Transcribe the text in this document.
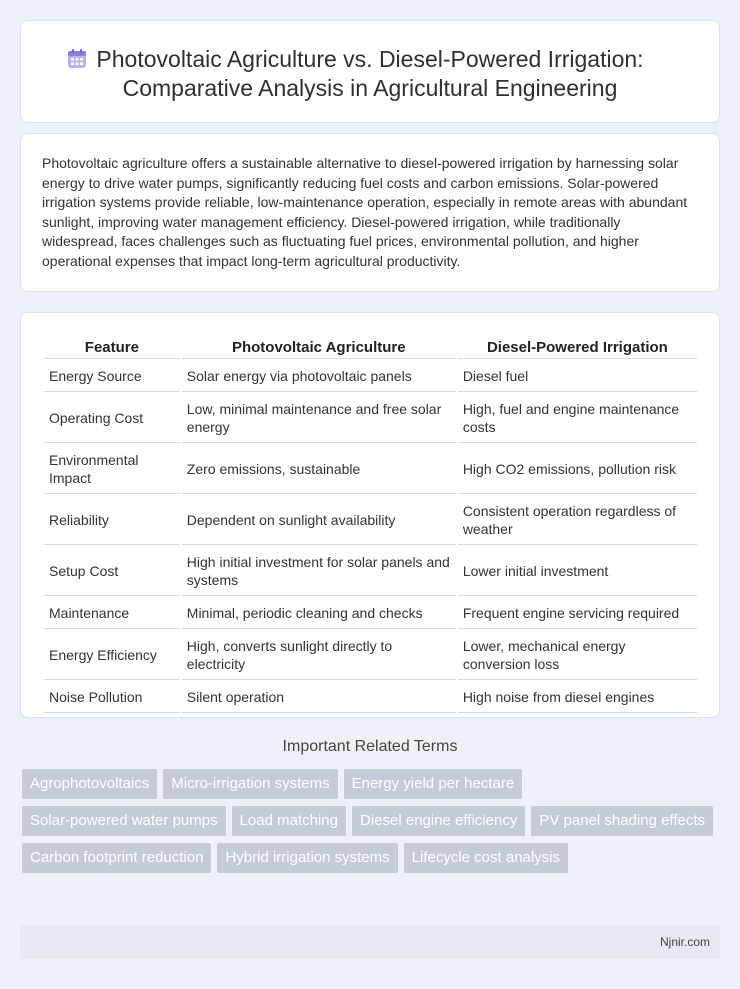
Photovoltaic Agriculture vs. Diesel-Powered Irrigation:
Comparative Analysis in Agricultural Engineering

Photovoltaic agriculture offers a sustainable alternative to diesel-powered irrigation by harnessing solar energy to drive water pumps, significantly reducing fuel costs and carbon emissions. Solar-powered irrigation systems provide reliable, low-maintenance operation, especially in remote areas with abundant sunlight, improving water management efficiency. Diesel-powered irrigation, while traditionally widespread, faces challenges such as fluctuating fuel prices, environmental pollution, and higher operational expenses that impact long-term agricultural productivity.

Feature	Photovoltaic Agriculture	Diesel-Powered Irrigation
Energy Source	Solar energy via photovoltaic panels	Diesel fuel
Operating Cost	Low, minimal maintenance and free solar energy	High, fuel and engine maintenance costs
Environmental Impact	Zero emissions, sustainable	High CO2 emissions, pollution risk
Reliability	Dependent on sunlight availability	Consistent operation regardless of weather
Setup Cost	High initial investment for solar panels and systems	Lower initial investment
Maintenance	Minimal, periodic cleaning and checks	Frequent engine servicing required
Energy Efficiency	High, converts sunlight directly to electricity	Lower, mechanical energy conversion loss
Noise Pollution	Silent operation	High noise from diesel engines
Important Related Terms
Agrophotovoltaics	Micro-irrigation systems	Energy yield per hectare
Solar-powered water pumps	Load matching	Diesel engine efficiency	PV panel shading effects
Carbon footprint reduction	Hybrid irrigation systems	Lifecycle cost analysis
Njnir.com
